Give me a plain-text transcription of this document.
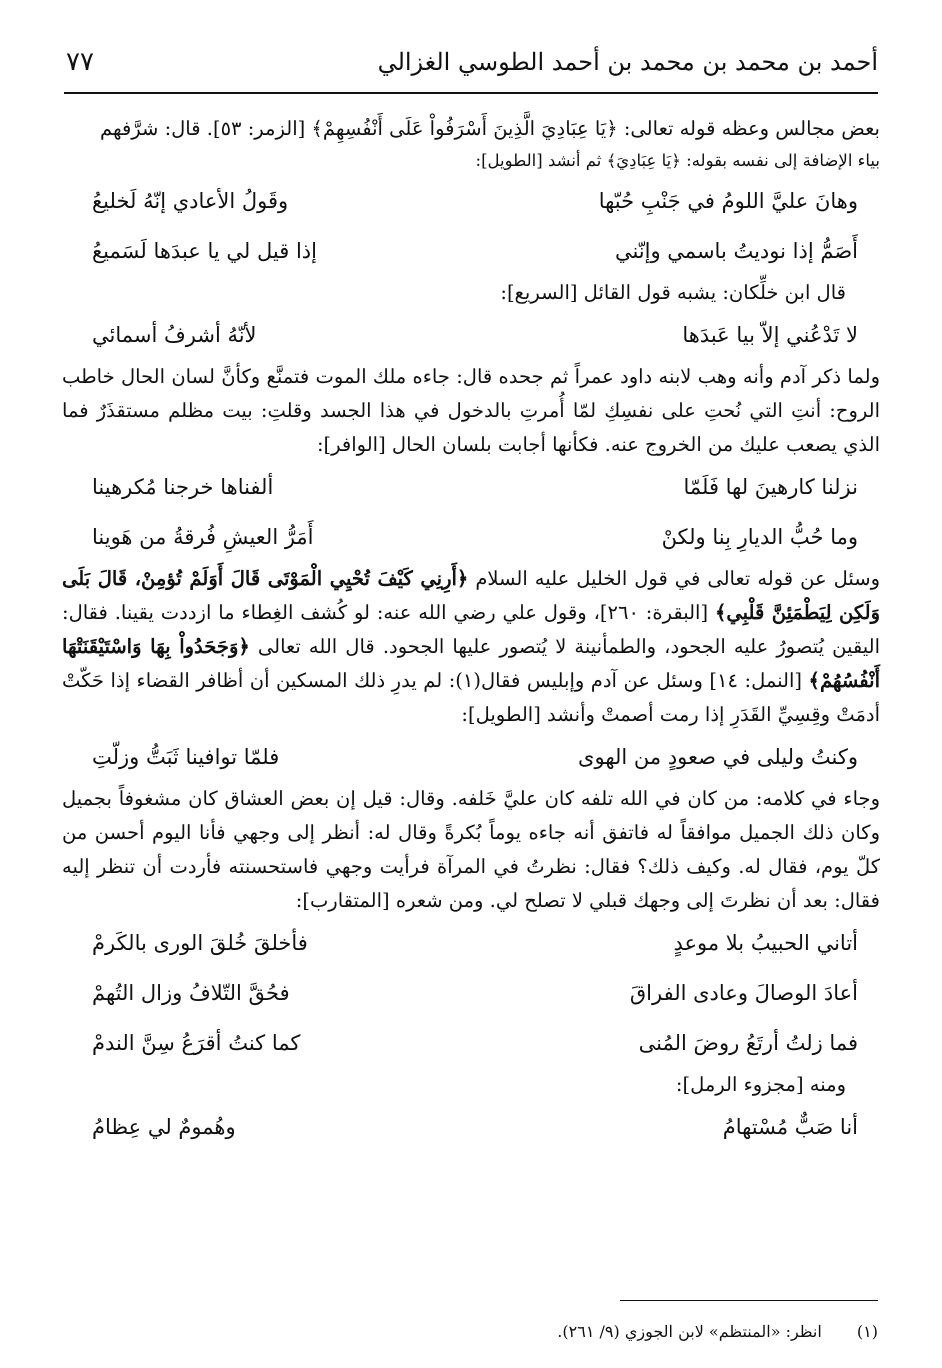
أحمد بن محمد بن محمد بن أحمد الطوسي الغزالي
٧٧

بعض مجالس وعظه قوله تعالى: ﴿يَا عِبَادِيَ الَّذِينَ أَسْرَفُواْ عَلَى أَنْفُسِهِمْ﴾ [الزمر: ٥٣]. قال: شرَّفهم

بياء الإضافة إلى نفسه بقوله: ﴿يَا عِبَادِيَ﴾ ثم أنشد [الطويل]:

وهانَ عليَّ اللومُ في جَنْبِ حُبّها
وقَولُ الأعادي إنّهُ لَخليعُ
أَصَمُّ إذا نوديتُ باسمي وإنّني
إذا قيل لي يا عبدَها لَسَميعُ

قال ابن خلِّكان: يشبه قول القائل [السريع]:

لا تَدْعُني إلاّ بيا عَبدَها
لأنّهُ أشرفُ أسمائي

ولما ذكر آدم وأنه وهب لابنه داود عمراً ثم جحده قال: جاءه ملك الموت فتمنَّع وكأنَّ لسان الحال خاطب الروح: أنتِ التي نُحتِ على نفسِكِ لمّا أُمرتِ بالدخول في هذا الجسد وقلتِ: بيت مظلم مستقذَرٌ فما الذي يصعب عليك من الخروج عنه. فكأنها أجابت بلسان الحال [الوافر]:

نزلنا كارهينَ لها فَلَمّا
ألفناها خرجنا مُكرهينا
وما حُبُّ الديارِ بِنا ولكنْ
أَمَرُّ العيشِ فُرقةُ من هَوينا

وسئل عن قوله تعالى في قول الخليل عليه السلام ﴿أَرِنِي كَيْفَ تُحْيِي الْمَوْتَى قَالَ أَوَلَمْ تُؤمِنْ، قَالَ بَلَى وَلَكِن لِيَطْمَئِنَّ قَلْبِي﴾ [البقرة: ٢٦٠]، وقول علي رضي الله عنه: لو كُشف الغِطاء ما ازددت يقينا. فقال: اليقين يُتصورُ عليه الجحود، والطمأنينة لا يُتصور عليها الجحود. قال الله تعالى ﴿وَجَحَدُواْ بِهَا وَاسْتَيْقَنَتْهَا أَنْفُسُهُمْ﴾ [النمل: ١٤] وسئل عن آدم وإبليس فقال(١): لم يدرِ ذلك المسكين أن أظافر القضاء إذا حَكّتْ أدمَتْ وقِسِيِّ القَدَرِ إذا رمت أصمتْ وأنشد [الطويل]:

وكنتُ وليلى في صعودٍ من الهوى
فلمّا توافينا ثَبَتُّ وزلّتِ

وجاء في كلامه: من كان في الله تلفه كان عليَّ خَلفه. وقال: قيل إن بعض العشاق كان مشغوفاً بجميل وكان ذلك الجميل موافقاً له فاتفق أنه جاءه يوماً بُكرةً وقال له: أنظر إلى وجهي فأنا اليوم أحسن من كلّ يوم، فقال له. وكيف ذلك؟ فقال: نظرتُ في المرآة فرأيت وجهي فاستحسنته فأردت أن تنظر إليه فقال: بعد أن نظرتَ إلى وجهك قبلي لا تصلح لي. ومن شعره [المتقارب]:

أتاني الحبيبُ بلا موعدٍ
فأخلقَ خُلقَ الورى بالكَرمْ
أعادَ الوصالَ وعادى الفراقَ
فحُقَّ التّلافُ وزال التُهمْ
فما زلتُ أرتَعُ روضَ المُنى
كما كنتُ أقرَعُ سِنَّ الندمْ

ومنه [مجزوء الرمل]:

أنا صَبٌّ مُسْتهامُ
وهُمومٌ لي عِظامُ
(١) انظر: «المنتظم» لابن الجوزي (٩/ ٢٦١).
